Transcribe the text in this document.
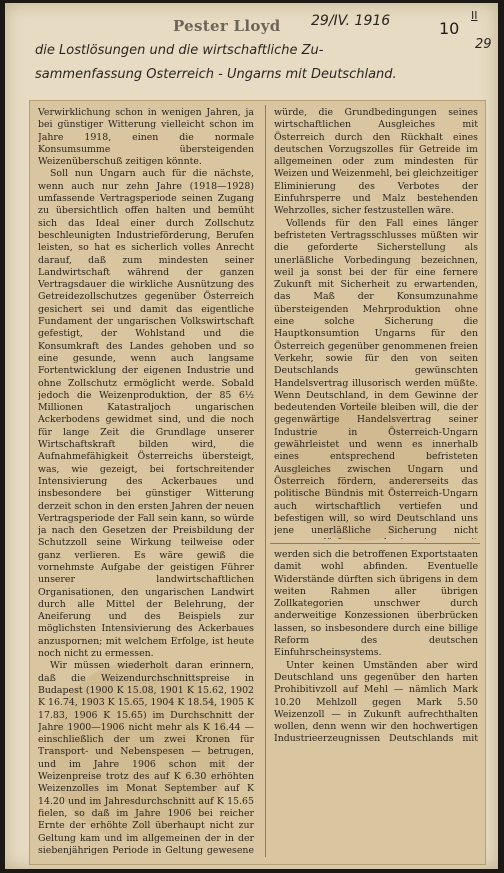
Pester Lloyd 29/IV. 1916	10
II
29
die Lostlösungen und die wirtschaftliche Zu-
sammenfassung Österreich - Ungarns mit Deutschland.

Verwirklichung schon in wenigen Jahren, ja bei günstiger Witterung vielleicht schon im Jahre 1918, einen die normale Konsumsumme übersteigenden Weizenüberschuß zeitigen könnte.

Soll nun Ungarn auch für die nächste, wenn auch nur zehn Jahre (1918—1928) umfassende Vertragsperiode seinen Zugang zu übersichtlich offen halten und bemüht sich das Ideal einer durch Zollschutz beschleunigten Industrieförderung, Berufen leisten, so hat es sicherlich volles Anrecht darauf, daß zum mindesten seiner Landwirtschaft während der ganzen Vertragsdauer die wirkliche Ausnützung des Getreidezollschutzes gegenüber Österreich gesichert sei und damit das eigentliche Fundament der ungarischen Volkswirtschaft gefestigt, der Wohlstand und die Konsumkraft des Landes gehoben und so eine gesunde, wenn auch langsame Fortentwicklung der eigenen Industrie und ohne Zollschutz ermöglicht werde. Sobald jedoch die Weizenproduktion, der 85 6½ Millionen Katastraljoch ungarischen Ackerbodens gewidmet sind, und die noch für lange Zeit die Grundlage unserer Wirtschaftskraft bilden wird, die Aufnahmefähigkeit Österreichs übersteigt, was, wie gezeigt, bei fortschreitender Intensivierung des Ackerbaues und insbesondere bei günstiger Witterung derzeit schon in den ersten Jahren der neuen Vertragsperiode der Fall sein kann, so würde ja nach den Gesetzen der Preisbildung der Schutzzoll seine Wirkung teilweise oder ganz verlieren. Es wäre gewiß die vornehmste Aufgabe der geistigen Führer unserer landwirtschaftlichen Organisationen, den ungarischen Landwirt durch alle Mittel der Belehrung, der Aneiferung und des Beispiels zur möglichsten Intensivierung des Ackerbaues anzuspornen; mit welchem Erfolge, ist heute noch nicht zu ermessen.

Wir müssen wiederholt daran erinnern, daß die Weizendurchschnittspreise in Budapest (1900 K 15.08, 1901 K 15.62, 1902 K 16.74, 1903 K 15.65, 1904 K 18.54, 1905 K 17.83, 1906 K 15.65) im Durchschnitt der Jahre 1900—1906 nicht mehr als K 16.44 — einschließlich der um zwei Kronen für Transport- und Nebenspesen — betrugen, und im Jahre 1906 schon mit der Weizenpreise trotz des auf K 6.30 erhöhten Weizenzolles im Monat September auf K 14.20 und im Jahresdurchschnitt auf K 15.65 fielen, so daß im Jahre 1906 bei reicher Ernte der erhöhte Zoll überhaupt nicht zur Geltung kam und im allgemeinen der in der siebenjährigen Periode in Geltung gewesene

würde, die Grundbedingungen seines wirtschaftlichen Ausgleiches mit Österreich durch den Rückhalt eines deutschen Vorzugszolles für Getreide im allgemeinen oder zum mindesten für Weizen und Weizenmehl, bei gleichzeitiger Eliminierung des Verbotes der Einfuhrsperre und Malz bestehenden Wehrzolles, sicher festzustellen wäre.

Vollends für den Fall eines länger befristeten Vertragsschlusses müßten wir die geforderte Sicherstellung als unerläßliche Vorbedingung bezeichnen, weil ja sonst bei der für eine fernere Zukunft mit Sicherheit zu erwartenden, das Maß der Konsumzunahme übersteigenden Mehrproduktion ohne eine solche Sicherung die Hauptkonsumtion Ungarns für den Österreich gegenüber genommenen freien Verkehr, sowie für den von seiten Deutschlands gewünschten Handelsvertrag illusorisch werden müßte. Wenn Deutschland, in dem Gewinne der bedeutenden Vorteile bleiben will, die der gegenwärtige Handelsvertrag seiner Industrie in Österreich-Ungarn gewährleistet und wenn es innerhalb eines entsprechend befristeten Ausgleiches zwischen Ungarn und Österreich fördern, andererseits das politische Bündnis mit Österreich-Ungarn auch wirtschaftlich vertiefen und befestigen will, so wird Deutschland uns jene unerläßliche Sicherung nicht

werden sich die betroffenen Exportstaaten damit wohl abfinden. Eventuelle Widerstände dürften sich übrigens in dem weiten Rahmen aller übrigen Zollkategorien unschwer durch anderweitige Konzessionen überbrücken lassen, so insbesondere durch eine billige Reform des deutschen Einfuhrscheinsystems.

Unter keinen Umständen aber wird Deutschland uns gegenüber den harten Prohibitivzoll auf Mehl — nämlich Mark 10.20 Mehlzoll gegen Mark 5.50 Weizenzoll — in Zukunft aufrechthalten wollen, denn wenn wir den hochwertigen Industrieerzeugnissen Deutschlands mit
